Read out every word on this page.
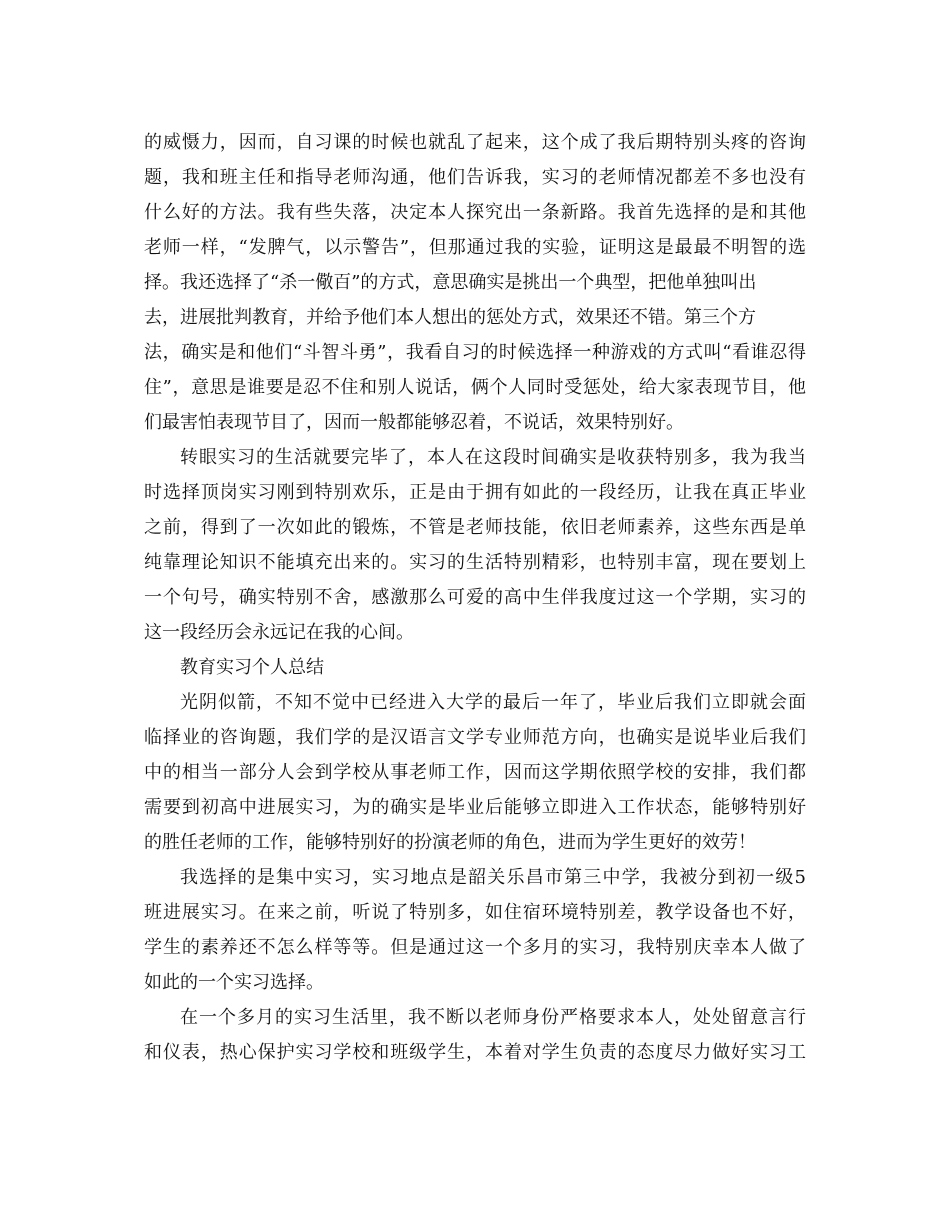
的威慑力，因而，自习课的时候也就乱了起来，这个成了我后期特别头疼的咨询
题，我和班主任和指导老师沟通，他们告诉我，实习的老师情况都差不多也没有
什么好的方法。我有些失落，决定本人探究出一条新路。我首先选择的是和其他
老师一样，“发脾气，以示警告”，但那通过我的实验，证明这是最最不明智的选
择。我还选择了“杀一儆百”的方式，意思确实是挑出一个典型，把他单独叫出
去，进展批判教育，并给予他们本人想出的惩处方式，效果还不错。第三个方
法，确实是和他们“斗智斗勇”，我看自习的时候选择一种游戏的方式叫“看谁忍得
住”，意思是谁要是忍不住和别人说话，俩个人同时受惩处，给大家表现节目，他
们最害怕表现节目了，因而一般都能够忍着，不说话，效果特别好。
转眼实习的生活就要完毕了，本人在这段时间确实是收获特别多，我为我当
时选择顶岗实习刚到特别欢乐，正是由于拥有如此的一段经历，让我在真正毕业
之前，得到了一次如此的锻炼，不管是老师技能，依旧老师素养，这些东西是单
纯靠理论知识不能填充出来的。实习的生活特别精彩，也特别丰富，现在要划上
一个句号，确实特别不舍，感激那么可爱的高中生伴我度过这一个学期，实习的
这一段经历会永远记在我的心间。
教育实习个人总结
光阴似箭，不知不觉中已经进入大学的最后一年了，毕业后我们立即就会面
临择业的咨询题，我们学的是汉语言文学专业师范方向，也确实是说毕业后我们
中的相当一部分人会到学校从事老师工作，因而这学期依照学校的安排，我们都
需要到初高中进展实习，为的确实是毕业后能够立即进入工作状态，能够特别好
的胜任老师的工作，能够特别好的扮演老师的角色，进而为学生更好的效劳！
我选择的是集中实习，实习地点是韶关乐昌市第三中学，我被分到初一级5
班进展实习。在来之前，听说了特别多，如住宿环境特别差，教学设备也不好，
学生的素养还不怎么样等等。但是通过这一个多月的实习，我特别庆幸本人做了
如此的一个实习选择。
在一个多月的实习生活里，我不断以老师身份严格要求本人，处处留意言行
和仪表，热心保护实习学校和班级学生，本着对学生负责的态度尽力做好实习工
